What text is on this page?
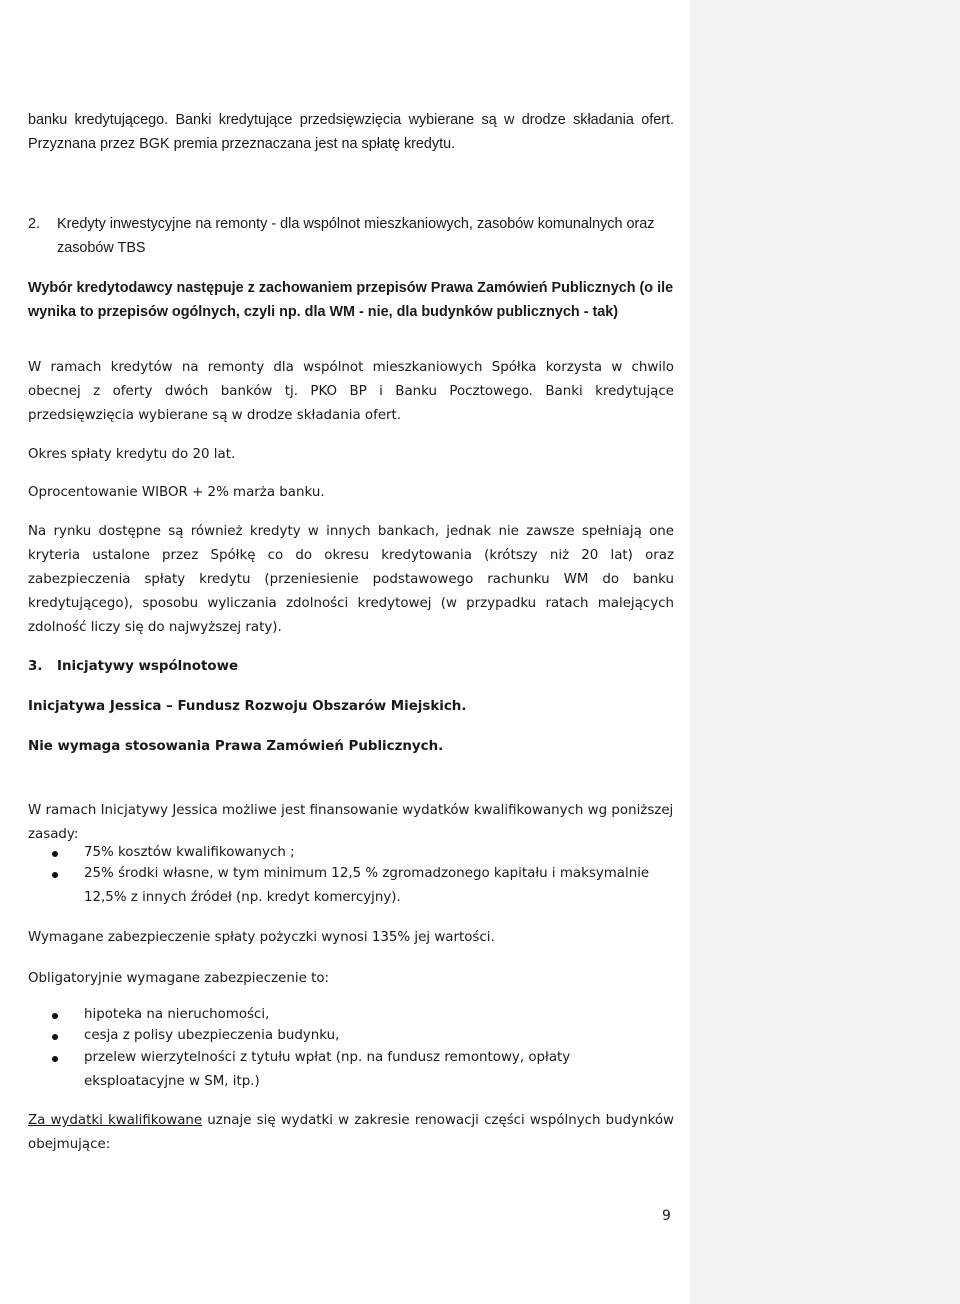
banku kredytującego. Banki kredytujące przedsięwzięcia wybierane są w drodze składania ofert. Przyznana przez BGK premia przeznaczana jest na spłatę kredytu.

2.	Kredyty inwestycyjne na remonty - dla wspólnot mieszkaniowych, zasobów komunalnych oraz zasobów TBS

Wybór kredytodawcy następuje z zachowaniem przepisów Prawa Zamówień Publicznych (o ile wynika to przepisów ogólnych, czyli np. dla WM - nie, dla budynków publicznych - tak)

W ramach kredytów na remonty dla wspólnot mieszkaniowych Spółka korzysta w chwilo obecnej z oferty dwóch banków tj. PKO BP i Banku Pocztowego. Banki kredytujące przedsięwzięcia wybierane są w drodze składania ofert.

Okres spłaty kredytu do 20 lat.

Oprocentowanie WIBOR + 2% marża banku.

Na rynku dostępne są również kredyty w innych bankach, jednak nie zawsze spełniają one kryteria ustalone przez Spółkę co do okresu kredytowania (krótszy niż 20 lat) oraz zabezpieczenia spłaty kredytu (przeniesienie podstawowego rachunku WM do banku kredytującego), sposobu wyliczania zdolności kredytowej (w przypadku ratach malejących zdolność liczy się do najwyższej raty).

3.	Inicjatywy wspólnotowe

Inicjatywa Jessica – Fundusz Rozwoju Obszarów Miejskich.

Nie wymaga stosowania Prawa Zamówień Publicznych.

W ramach Inicjatywy Jessica możliwe jest finansowanie wydatków kwalifikowanych wg poniższej zasady:

75% kosztów kwalifikowanych ;
25% środki własne, w tym minimum 12,5 % zgromadzonego kapitału i maksymalnie 12,5% z innych źródeł (np. kredyt komercyjny).

Wymagane zabezpieczenie spłaty pożyczki wynosi 135% jej wartości.

Obligatoryjnie wymagane zabezpieczenie to:

hipoteka na nieruchomości,
cesja z polisy ubezpieczenia budynku,
przelew wierzytelności z tytułu wpłat (np. na fundusz remontowy, opłaty eksploatacyjne w SM, itp.)

Za wydatki kwalifikowane uznaje się wydatki w zakresie renowacji części wspólnych budynków obejmujące:

9
